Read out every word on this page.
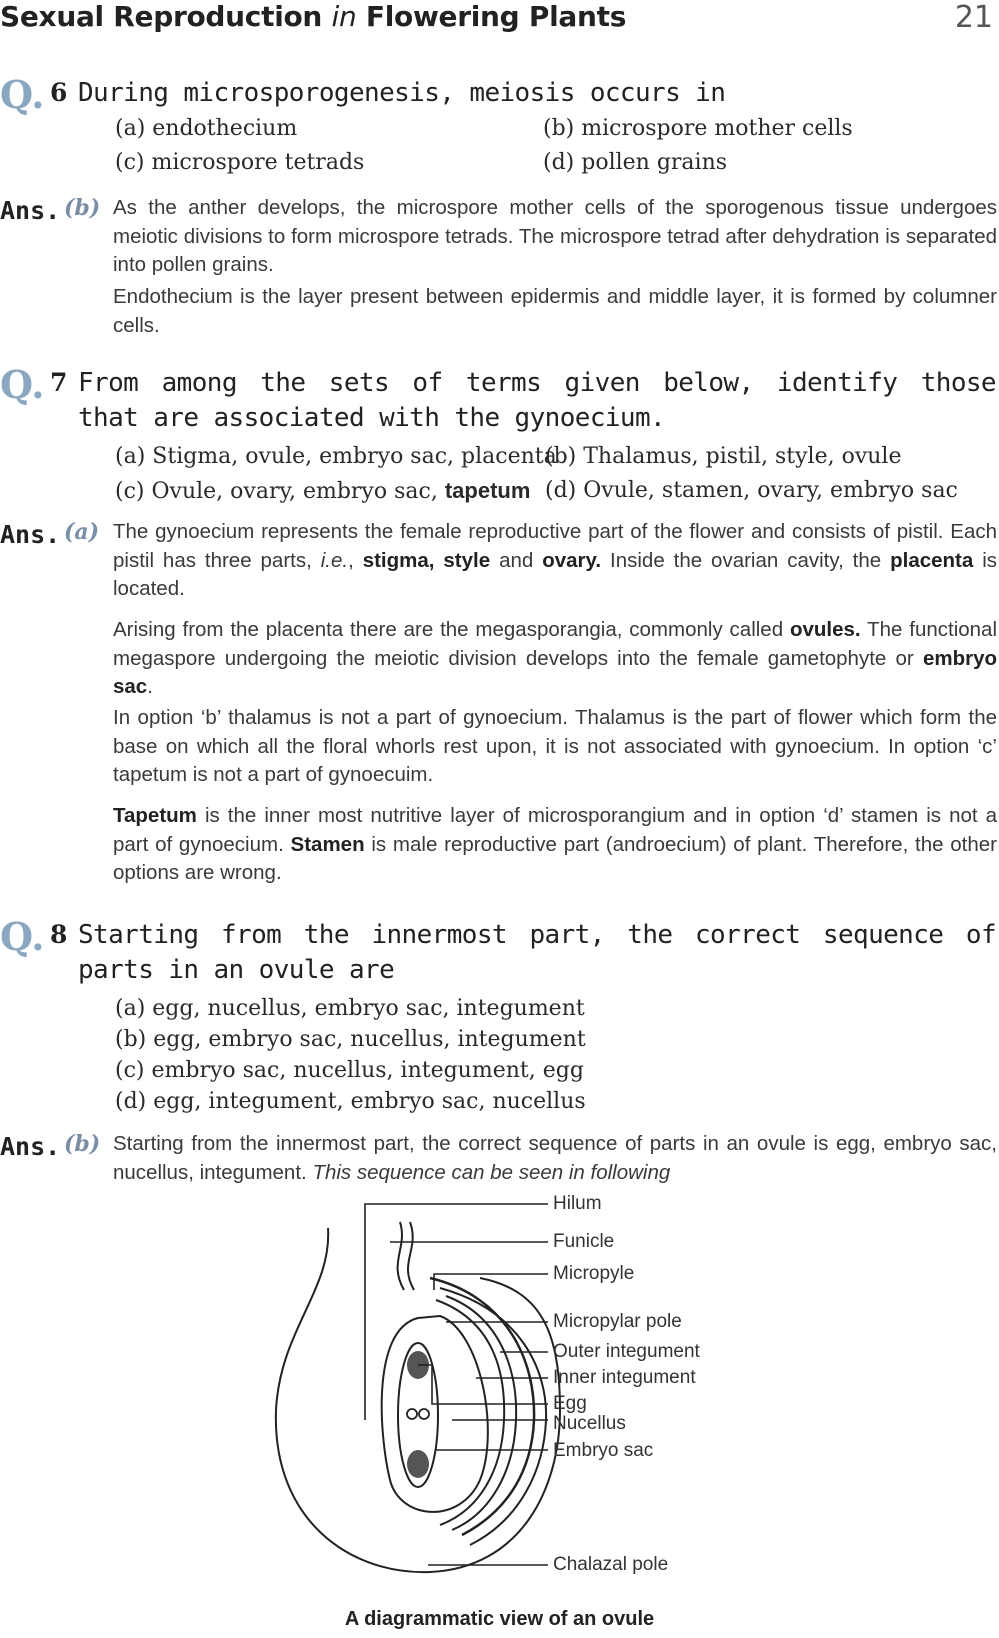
Sexual Reproduction in Flowering Plants	21
Q. 6 During microsporogenesis, meiosis occurs in
(a) endothecium	(b) microspore mother cells
(c) microspore tetrads	(d) pollen grains
Ans. (b) As the anther develops, the microspore mother cells of the sporogenous tissue undergoes meiotic divisions to form microspore tetrads. The microspore tetrad after dehydration is separated into pollen grains.
Endothecium is the layer present between epidermis and middle layer, it is formed by columner cells.
Q. 7 From among the sets of terms given below, identify those that are associated with the gynoecium.
(a) Stigma, ovule, embryo sac, placenta
(b) Thalamus, pistil, style, ovule
(c) Ovule, ovary, embryo sac, tapetum (d) Ovule, stamen, ovary, embryo sac
Ans. (a) The gynoecium represents the female reproductive part of the flower and consists of pistil. Each pistil has three parts, i.e., stigma, style and ovary. Inside the ovarian cavity, the placenta is located.
Arising from the placenta there are the megasporangia, commonly called ovules. The functional megaspore undergoing the meiotic division develops into the female gametophyte or embryo sac.
In option ‘b’ thalamus is not a part of gynoecium. Thalamus is the part of flower which form the base on which all the floral whorls rest upon, it is not associated with gynoecium. In option ‘c’ tapetum is not a part of gynoecuim.
Tapetum is the inner most nutritive layer of microsporangium and in option ‘d’ stamen is not a part of gynoecium. Stamen is male reproductive part (androecium) of plant. Therefore, the other options are wrong.
Q. 8 Starting from the innermost part, the correct sequence of parts in an ovule are
(a) egg, nucellus, embryo sac, integument
(b) egg, embryo sac, nucellus, integument
(c) embryo sac, nucellus, integument, egg
(d) egg, integument, embryo sac, nucellus
Ans. (b) Starting from the innermost part, the correct sequence of parts in an ovule is egg, embryo sac, nucellus, integument. This sequence can be seen in following
Hilum
Funicle
Micropyle
Micropylar pole
Outer integument
Inner integument
Egg
Nucellus
Embryo sac
Chalazal pole
A diagrammatic view of an ovule
